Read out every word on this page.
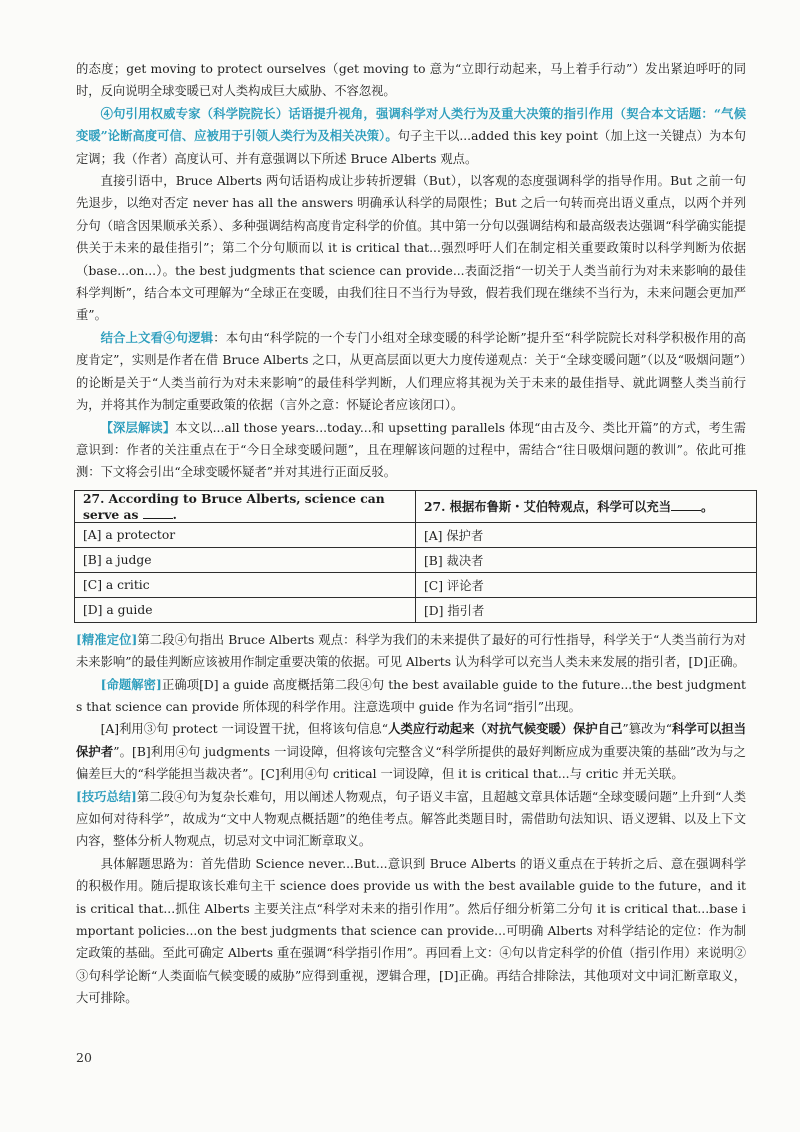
的态度；get moving to protect ourselves（get moving to 意为“立即行动起来，马上着手行动”）发出紧迫呼吁的同时，反向说明全球变暖已对人类构成巨大威胁、不容忽视。

④句引用权威专家（科学院院长）话语提升视角，强调科学对人类行为及重大决策的指引作用（契合本文话题：“气候变暖”论断高度可信、应被用于引领人类行为及相关决策）。句子主干以...added this key point（加上这一关键点）为本句定调；我（作者）高度认可、并有意强调以下所述 Bruce Alberts 观点。

直接引语中，Bruce Alberts 两句话语构成让步转折逻辑（But），以客观的态度强调科学的指导作用。But 之前一句先退步，以绝对否定 never has all the answers 明确承认科学的局限性；But 之后一句转而亮出语义重点，以两个并列分句（暗含因果顺承关系）、多种强调结构高度肯定科学的价值。其中第一分句以强调结构和最高级表达强调“科学确实能提供关于未来的最佳指引”；第二个分句顺而以 it is critical that...强烈呼吁人们在制定相关重要政策时以科学判断为依据（base...on...）。the best judgments that science can provide...表面泛指“一切关于人类当前行为对未来影响的最佳科学判断”，结合本文可理解为“全球正在变暖，由我们往日不当行为导致，假若我们现在继续不当行为，未来问题会更加严重”。

结合上文看④句逻辑：本句由“科学院的一个专门小组对全球变暖的科学论断”提升至“科学院院长对科学积极作用的高度肯定”，实则是作者在借 Bruce Alberts 之口，从更高层面以更大力度传递观点：关于“全球变暖问题”（以及“吸烟问题”）的论断是关于“人类当前行为对未来影响”的最佳科学判断，人们理应将其视为关于未来的最佳指导、就此调整人类当前行为，并将其作为制定重要政策的依据（言外之意：怀疑论者应该闭口）。

【深层解读】本文以...all those years...today...和 upsetting parallels 体现“由古及今、类比开篇”的方式，考生需意识到：作者的关注重点在于“今日全球变暖问题”，且在理解该问题的过程中，需结合“往日吸烟问题的教训”。依此可推测：下文将会引出“全球变暖怀疑者”并对其进行正面反驳。

27. According to Bruce Alberts, science can serve as .	27. 根据布鲁斯・艾伯特观点，科学可以充当 。
[A] a protector	[A] 保护者
[B] a judge	[B] 裁决者
[C] a critic	[C] 评论者
[D] a guide	[D] 指引者

[精准定位]第二段④句指出 Bruce Alberts 观点：科学为我们的未来提供了最好的可行性指导，科学关于“人类当前行为对未来影响”的最佳判断应该被用作制定重要决策的依据。可见 Alberts 认为科学可以充当人类未来发展的指引者，[D]正确。

[命题解密]正确项[D] a guide 高度概括第二段④句 the best available guide to the future...the best judgments that science can provide 所体现的科学作用。注意选项中 guide 作为名词“指引”出现。

[A]利用③句 protect 一词设置干扰，但将该句信息“人类应行动起来（对抗气候变暖）保护自己”篡改为“科学可以担当保护者”。[B]利用④句 judgments 一词设障，但将该句完整含义“科学所提供的最好判断应成为重要决策的基础”改为与之偏差巨大的“科学能担当裁决者”。[C]利用④句 critical 一词设障，但 it is critical that...与 critic 并无关联。

[技巧总结]第二段④句为复杂长难句，用以阐述人物观点，句子语义丰富，且超越文章具体话题“全球变暖问题”上升到“人类应如何对待科学”，故成为“文中人物观点概括题”的绝佳考点。解答此类题目时，需借助句法知识、语义逻辑、以及上下文内容，整体分析人物观点，切忌对文中词汇断章取义。

具体解题思路为：首先借助 Science never...But...意识到 Bruce Alberts 的语义重点在于转折之后、意在强调科学的积极作用。随后提取该长难句主干 science does provide us with the best available guide to the future，and it is critical that...抓住 Alberts 主要关注点“科学对未来的指引作用”。然后仔细分析第二分句 it is critical that...base important policies...on the best judgments that science can provide...可明确 Alberts 对科学结论的定位：作为制定政策的基础。至此可确定 Alberts 重在强调“科学指引作用”。再回看上文：④句以肯定科学的价值（指引作用）来说明②③句科学论断“人类面临气候变暖的威胁”应得到重视，逻辑合理，[D]正确。再结合排除法，其他项对文中词汇断章取义，大可排除。

20
